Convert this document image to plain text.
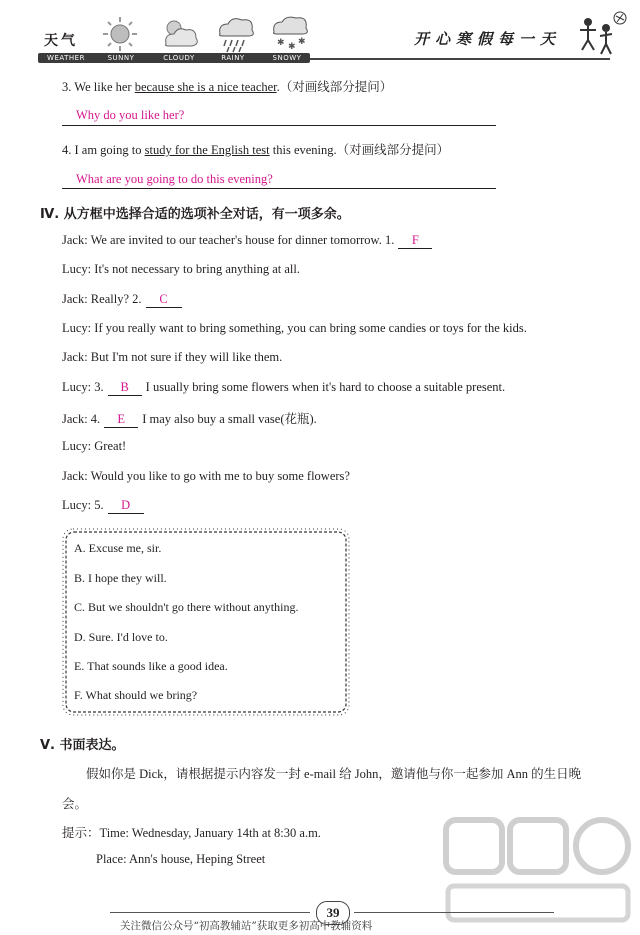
天气	✱ ✱ ✱
WEATHER	SUNNY	CLOUDY	RAINY	SNOWY
开心寒假每一天
3. We like her because she is a nice teacher.（对画线部分提问）
Why do you like her?
4. I am going to study for the English test this evening.（对画线部分提问）
What are you going to do this evening?
Ⅳ. 从方框中选择合适的选项补全对话，有一项多余。
Jack: We are invited to our teacher's house for dinner tomorrow. 1. F
Lucy: It's not necessary to bring anything at all.
Jack: Really? 2. C
Lucy: If you really want to bring something, you can bring some candies or toys for the kids.
Jack: But I'm not sure if they will like them.
Lucy: 3. B I usually bring some flowers when it's hard to choose a suitable present.
Jack: 4. E I may also buy a small vase(花瓶).
Lucy: Great!
Jack: Would you like to go with me to buy some flowers?
Lucy: 5. D
A. Excuse me, sir.
B. I hope they will.
C. But we shouldn't go there without anything.
D. Sure. I'd love to.
E. That sounds like a good idea.
F. What should we bring?
Ⅴ. 书面表达。
假如你是 Dick，请根据提示内容发一封 e-mail 给 John，邀请他与你一起参加 Ann 的生日晚
会。
提示：Time: Wednesday, January 14th at 8:30 a.m.
Place: Ann's house, Heping Street
39
关注微信公众号“初高教辅站”获取更多初高中教辅资料
